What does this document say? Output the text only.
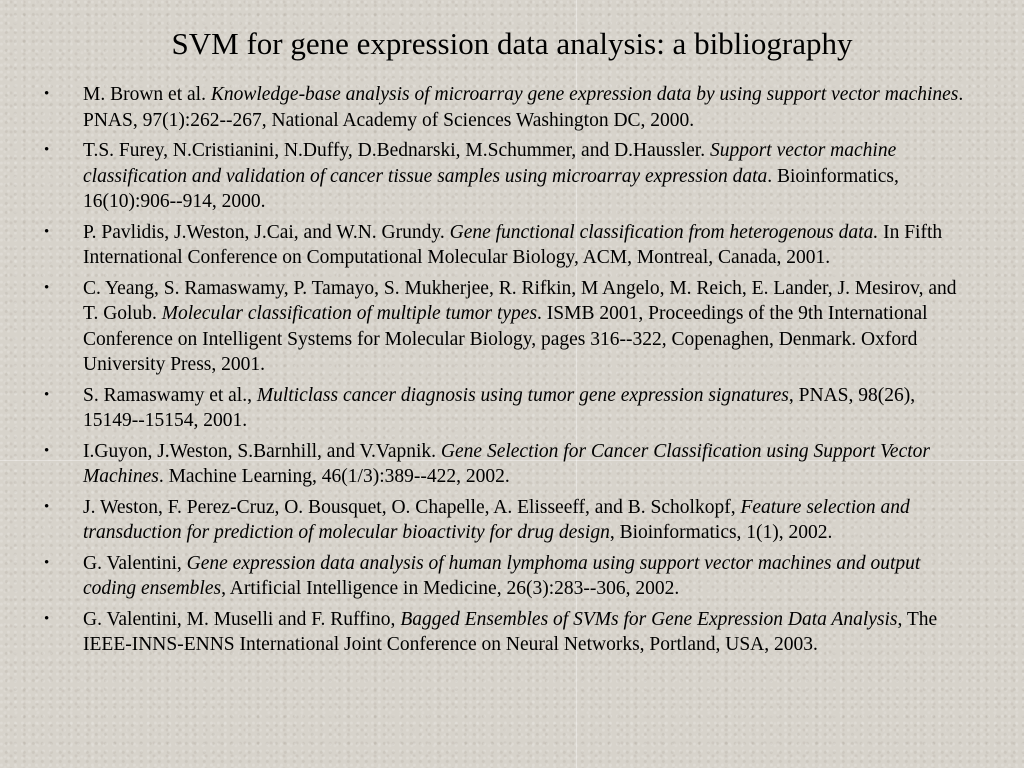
SVM for gene expression data analysis: a bibliography
• M. Brown et al. Knowledge-base analysis of microarray gene expression data by using support vector machines. PNAS, 97(1):262--267, National Academy of Sciences Washington DC, 2000.
• T.S. Furey, N.Cristianini, N.Duffy, D.Bednarski, M.Schummer, and D.Haussler. Support vector machine classification and validation of cancer tissue samples using microarray expression data. Bioinformatics, 16(10):906--914, 2000.
• P. Pavlidis, J.Weston, J.Cai, and W.N. Grundy. Gene functional classification from heterogenous data. In Fifth International Conference on Computational Molecular Biology, ACM, Montreal, Canada, 2001.
• C. Yeang, S. Ramaswamy, P. Tamayo, S. Mukherjee, R. Rifkin, M Angelo, M. Reich, E. Lander, J. Mesirov, and T. Golub. Molecular classification of multiple tumor types. ISMB 2001, Proceedings of the 9th International Conference on Intelligent Systems for Molecular Biology, pages 316--322, Copenaghen, Denmark. Oxford University Press, 2001.
• S. Ramaswamy et al., Multiclass cancer diagnosis using tumor gene expression signatures, PNAS, 98(26), 15149--15154, 2001.
• I.Guyon, J.Weston, S.Barnhill, and V.Vapnik. Gene Selection for Cancer Classification using Support Vector Machines. Machine Learning, 46(1/3):389--422, 2002.
• J. Weston, F. Perez-Cruz, O. Bousquet, O. Chapelle, A. Elisseeff, and B. Scholkopf, Feature selection and transduction for prediction of molecular bioactivity for drug design, Bioinformatics, 1(1), 2002.
• G. Valentini, Gene expression data analysis of human lymphoma using support vector machines and output coding ensembles, Artificial Intelligence in Medicine, 26(3):283--306, 2002.
• G. Valentini, M. Muselli and F. Ruffino, Bagged Ensembles of SVMs for Gene Expression Data Analysis, The IEEE-INNS-ENNS International Joint Conference on Neural Networks, Portland, USA, 2003.
